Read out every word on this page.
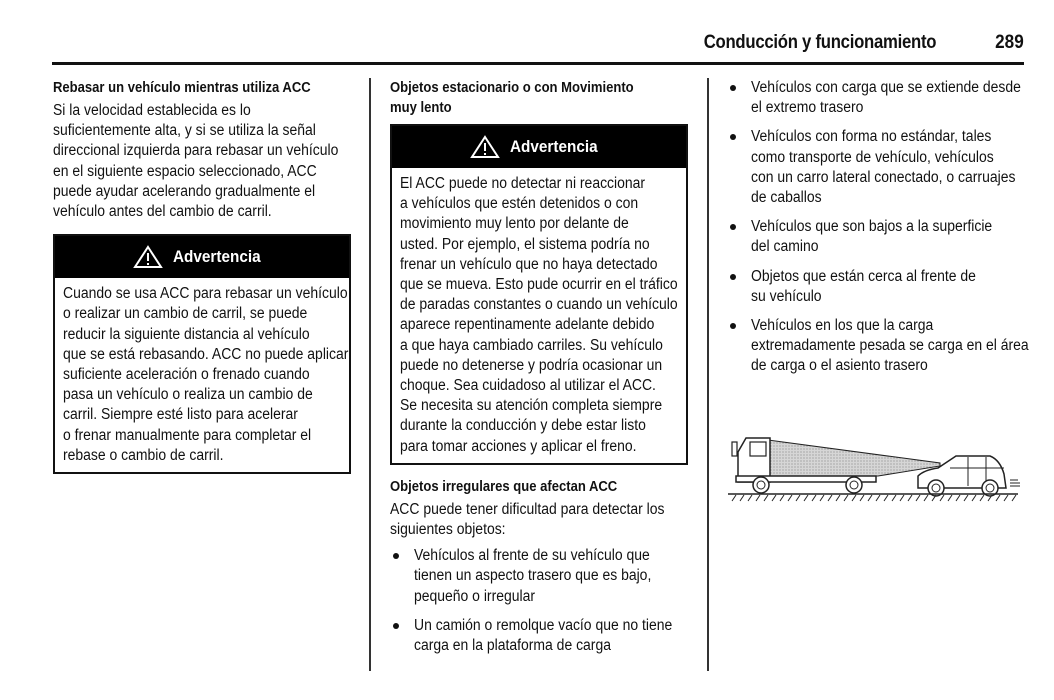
Conducción y funcionamiento	289
Rebasar un vehículo mientras utiliza ACC
Si la velocidad establecida es lo
suficientemente alta, y si se utiliza la señal
direccional izquierda para rebasar un vehículo
en el siguiente espacio seleccionado, ACC
puede ayudar acelerando gradualmente el
vehículo antes del cambio de carril.
Advertencia
Cuando se usa ACC para rebasar un vehículo
o realizar un cambio de carril, se puede
reducir la siguiente distancia al vehículo
que se está rebasando. ACC no puede aplicar
suficiente aceleración o frenado cuando
pasa un vehículo o realiza un cambio de
carril. Siempre esté listo para acelerar
o frenar manualmente para completar el
rebase o cambio de carril.
Objetos estacionario o con Movimiento
muy lento
Advertencia
El ACC puede no detectar ni reaccionar
a vehículos que estén detenidos o con
movimiento muy lento por delante de
usted. Por ejemplo, el sistema podría no
frenar un vehículo que no haya detectado
que se mueva. Esto pude ocurrir en el tráfico
de paradas constantes o cuando un vehículo
aparece repentinamente adelante debido
a que haya cambiado carriles. Su vehículo
puede no detenerse y podría ocasionar un
choque. Sea cuidadoso al utilizar el ACC.
Se necesita su atención completa siempre
durante la conducción y debe estar listo
para tomar acciones y aplicar el freno.
Objetos irregulares que afectan ACC
ACC puede tener dificultad para detectar los
siguientes objetos:
Vehículos al frente de su vehículo que
tienen un aspecto trasero que es bajo,
pequeño o irregular
Un camión o remolque vacío que no tiene
carga en la plataforma de carga
Vehículos con carga que se extiende desde
el extremo trasero
Vehículos con forma no estándar, tales
como transporte de vehículo, vehículos
con un carro lateral conectado, o carruajes
de caballos
Vehículos que son bajos a la superficie
del camino
Objetos que están cerca al frente de
su vehículo
Vehículos en los que la carga
extremadamente pesada se carga en el área
de carga o el asiento trasero
